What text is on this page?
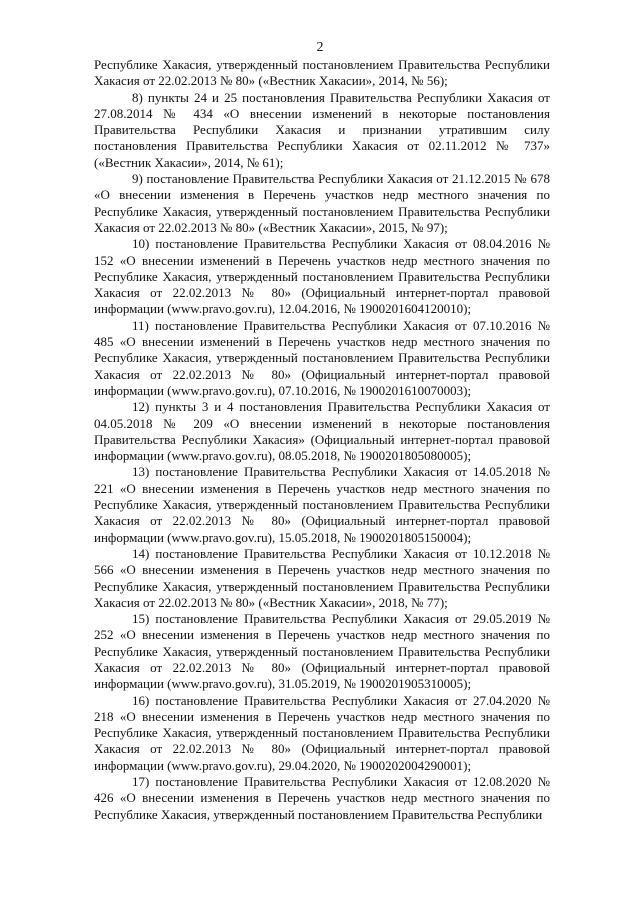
2

Республике Хакасия, утвержденный постановлением Правительства Республики Хакасия от 22.02.2013 № 80» («Вестник Хакасии», 2014, № 56);

8) пункты 24 и 25 постановления Правительства Республики Хакасия от 27.08.2014 № 434 «О внесении изменений в некоторые постановления Правительства Республики Хакасия и признании утратившим силу постановления Правительства Республики Хакасия от 02.11.2012 № 737» («Вестник Хакасии», 2014, № 61);

9) постановление Правительства Республики Хакасия от 21.12.2015 № 678 «О внесении изменения в Перечень участков недр местного значения по Республике Хакасия, утвержденный постановлением Правительства Республики Хакасия от 22.02.2013 № 80» («Вестник Хакасии», 2015, № 97);

10) постановление Правительства Республики Хакасия от 08.04.2016 № 152 «О внесении изменений в Перечень участков недр местного значения по Республике Хакасия, утвержденный постановлением Правительства Республики Хакасия от 22.02.2013 № 80» (Официальный интернет-портал правовой информации (www.pravo.gov.ru), 12.04.2016, № 1900201604120010);

11) постановление Правительства Республики Хакасия от 07.10.2016 № 485 «О внесении изменений в Перечень участков недр местного значения по Республике Хакасия, утвержденный постановлением Правительства Республики Хакасия от 22.02.2013 № 80» (Официальный интернет-портал правовой информации (www.pravo.gov.ru), 07.10.2016, № 1900201610070003);

12) пункты 3 и 4 постановления Правительства Республики Хакасия от 04.05.2018 № 209 «О внесении изменений в некоторые постановления Правительства Республики Хакасия» (Официальный интернет-портал правовой информации (www.pravo.gov.ru), 08.05.2018, № 1900201805080005);

13) постановление Правительства Республики Хакасия от 14.05.2018 № 221 «О внесении изменения в Перечень участков недр местного значения по Республике Хакасия, утвержденный постановлением Правительства Республики Хакасия от 22.02.2013 № 80» (Официальный интернет-портал правовой информации (www.pravo.gov.ru), 15.05.2018, № 1900201805150004);

14) постановление Правительства Республики Хакасия от 10.12.2018 № 566 «О внесении изменения в Перечень участков недр местного значения по Республике Хакасия, утвержденный постановлением Правительства Республики Хакасия от 22.02.2013 № 80» («Вестник Хакасии», 2018, № 77);

15) постановление Правительства Республики Хакасия от 29.05.2019 № 252 «О внесении изменения в Перечень участков недр местного значения по Республике Хакасия, утвержденный постановлением Правительства Республики Хакасия от 22.02.2013 № 80» (Официальный интернет-портал правовой информации (www.pravo.gov.ru), 31.05.2019, № 1900201905310005);

16) постановление Правительства Республики Хакасия от 27.04.2020 № 218 «О внесении изменения в Перечень участков недр местного значения по Республике Хакасия, утвержденный постановлением Правительства Республики Хакасия от 22.02.2013 № 80» (Официальный интернет-портал правовой информации (www.pravo.gov.ru), 29.04.2020, № 1900202004290001);

17) постановление Правительства Республики Хакасия от 12.08.2020 № 426 «О внесении изменения в Перечень участков недр местного значения по Республике Хакасия, утвержденный постановлением Правительства Республики
